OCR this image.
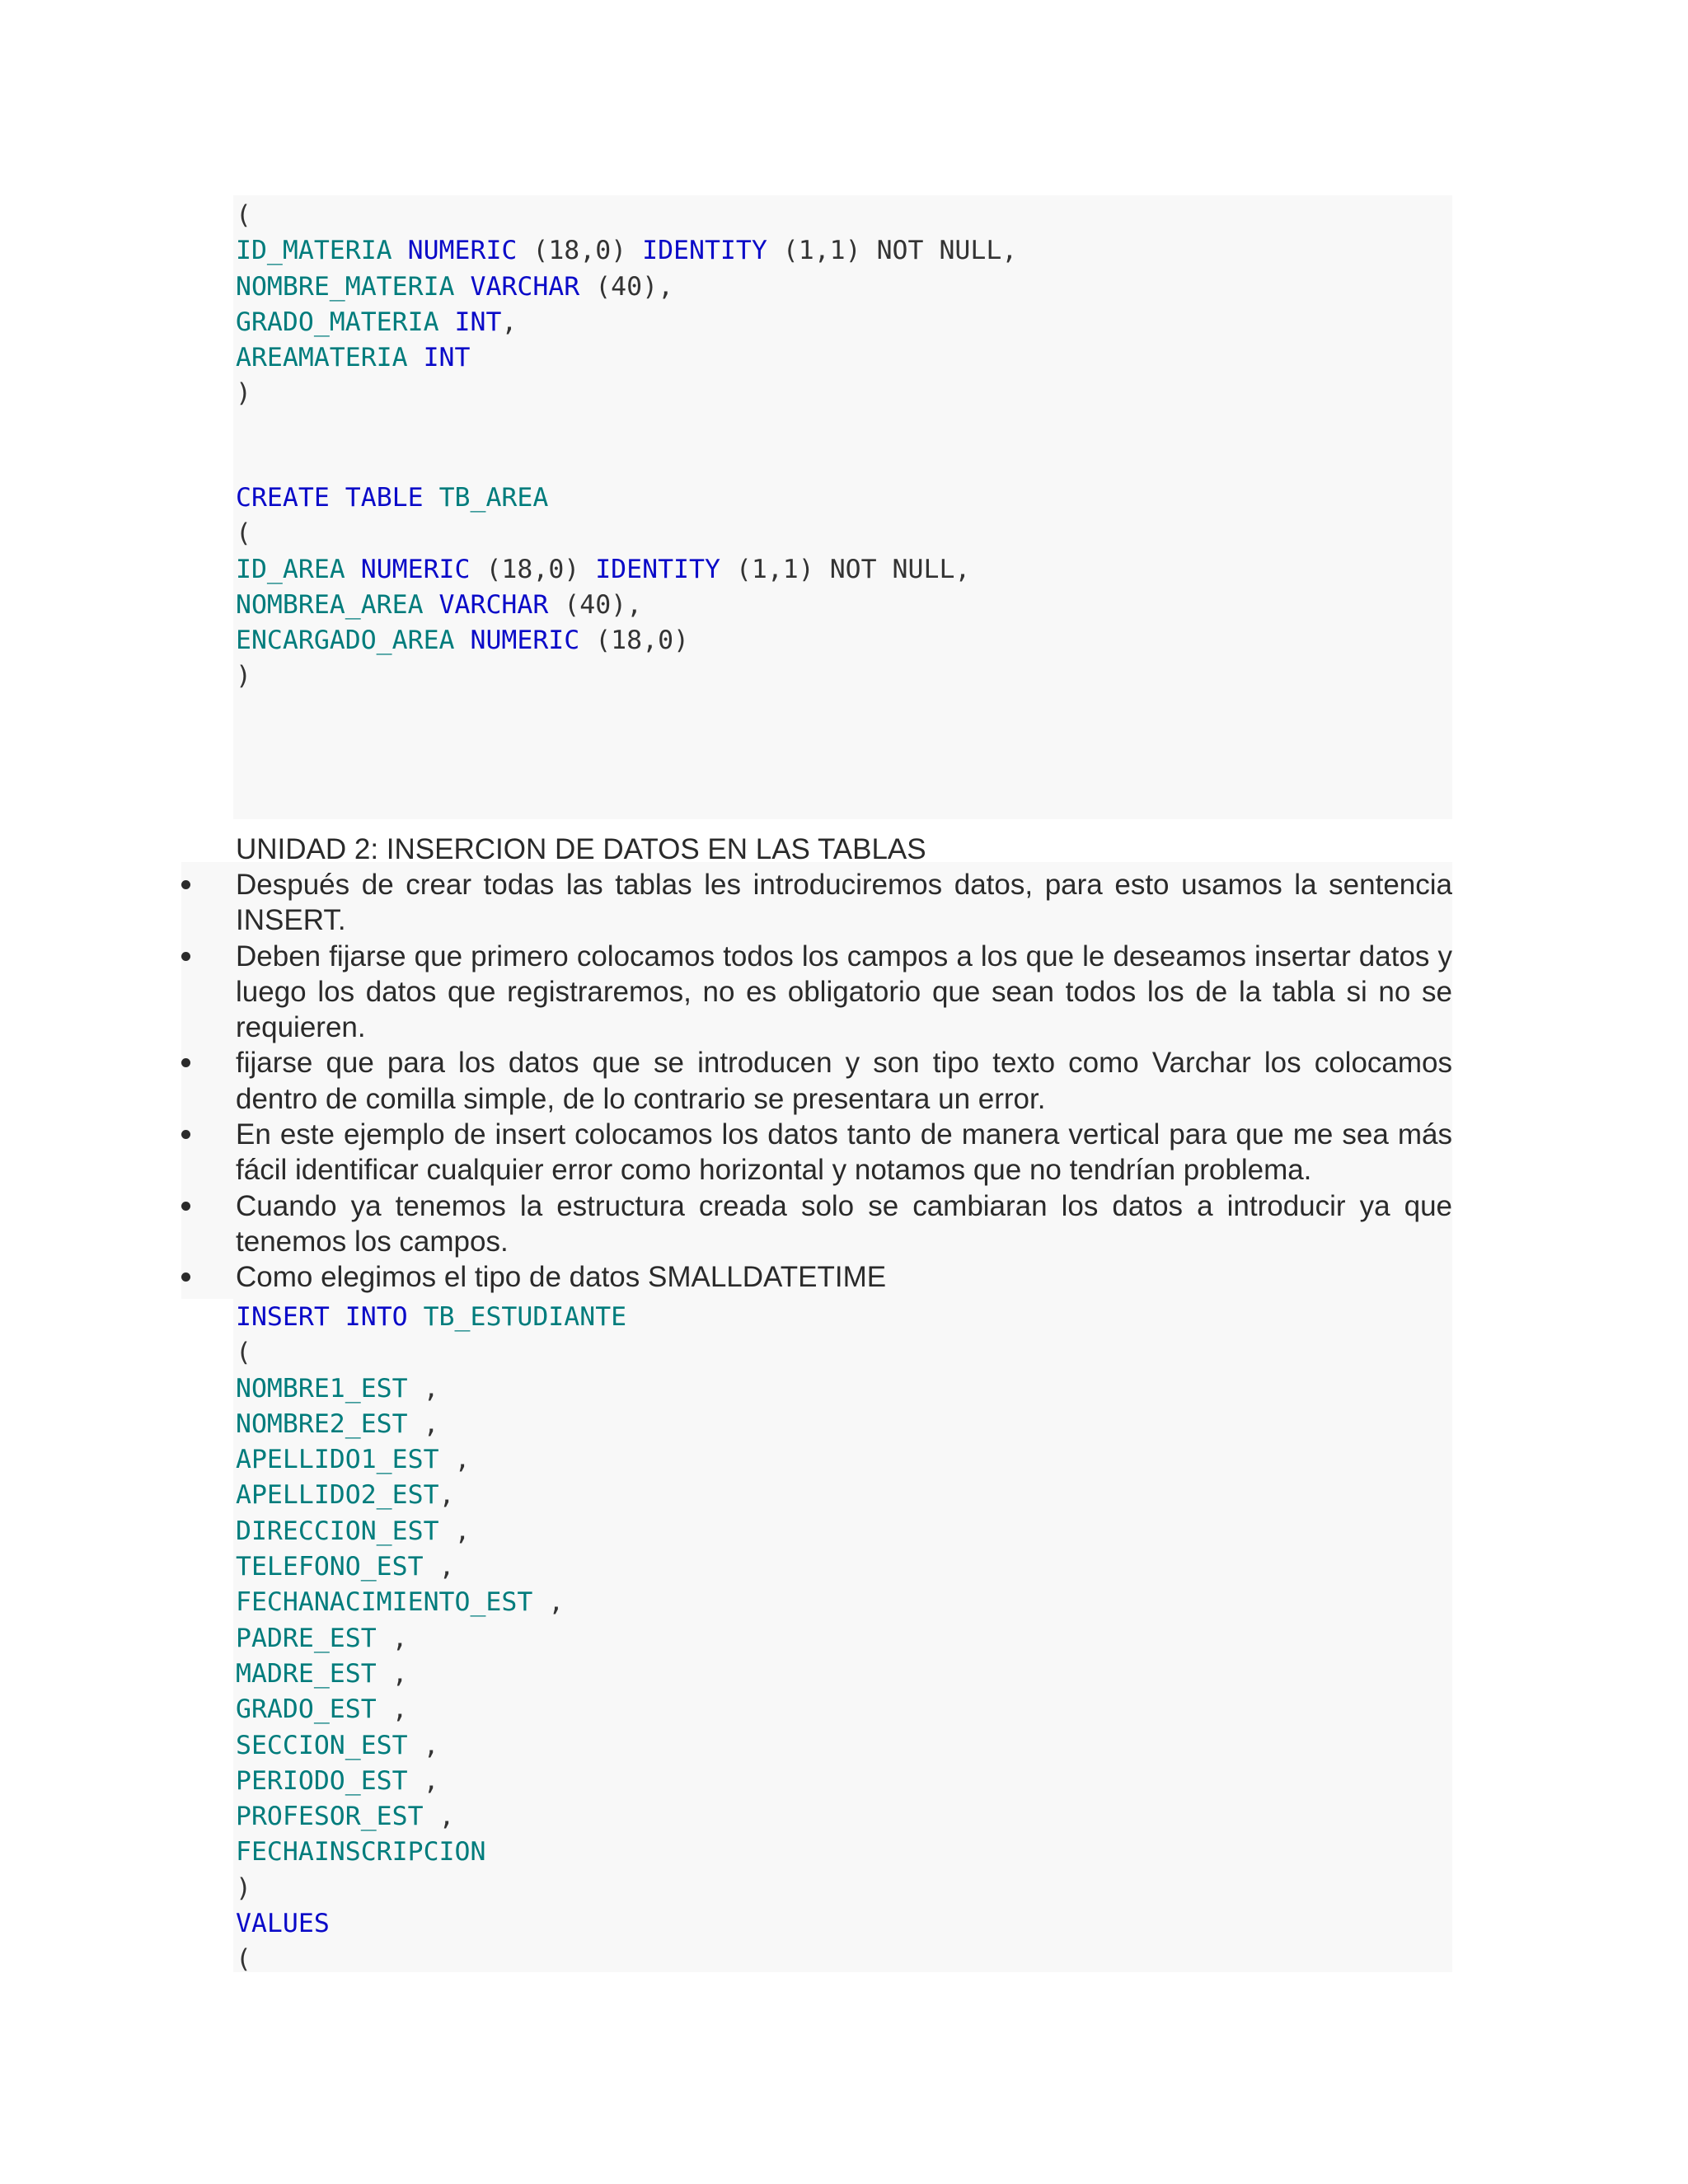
(
ID_MATERIA NUMERIC (18,0) IDENTITY (1,1) NOT NULL,
NOMBRE_MATERIA VARCHAR (40),
GRADO_MATERIA INT,
AREAMATERIA INT
)
CREATE TABLE TB_AREA
(
ID_AREA NUMERIC (18,0) IDENTITY (1,1) NOT NULL,
NOMBREA_AREA VARCHAR (40),
ENCARGADO_AREA NUMERIC (18,0)
)
UNIDAD 2: INSERCION DE DATOS EN LAS TABLAS
Después de crear todas las tablas les introduciremos datos, para esto usamos la sentencia INSERT.
Deben fijarse que primero colocamos todos los campos a los que le deseamos insertar datos y luego los datos que registraremos, no es obligatorio que sean todos los de la tabla si no se requieren.
fijarse que para los datos que se introducen y son tipo texto como Varchar los colocamos dentro de comilla simple, de lo contrario se presentara un error.
En este ejemplo de insert colocamos los datos tanto de manera vertical para que me sea más fácil identificar cualquier error como horizontal y notamos que no tendrían problema.
Cuando ya tenemos la estructura creada solo se cambiaran los datos a introducir ya que tenemos los campos.
Como elegimos el tipo de datos SMALLDATETIME
INSERT INTO TB_ESTUDIANTE
(
NOMBRE1_EST ,
NOMBRE2_EST ,
APELLIDO1_EST ,
APELLIDO2_EST,
DIRECCION_EST ,
TELEFONO_EST ,
FECHANACIMIENTO_EST ,
PADRE_EST ,
MADRE_EST ,
GRADO_EST ,
SECCION_EST ,
PERIODO_EST ,
PROFESOR_EST ,
FECHAINSCRIPCION
)
VALUES
(
